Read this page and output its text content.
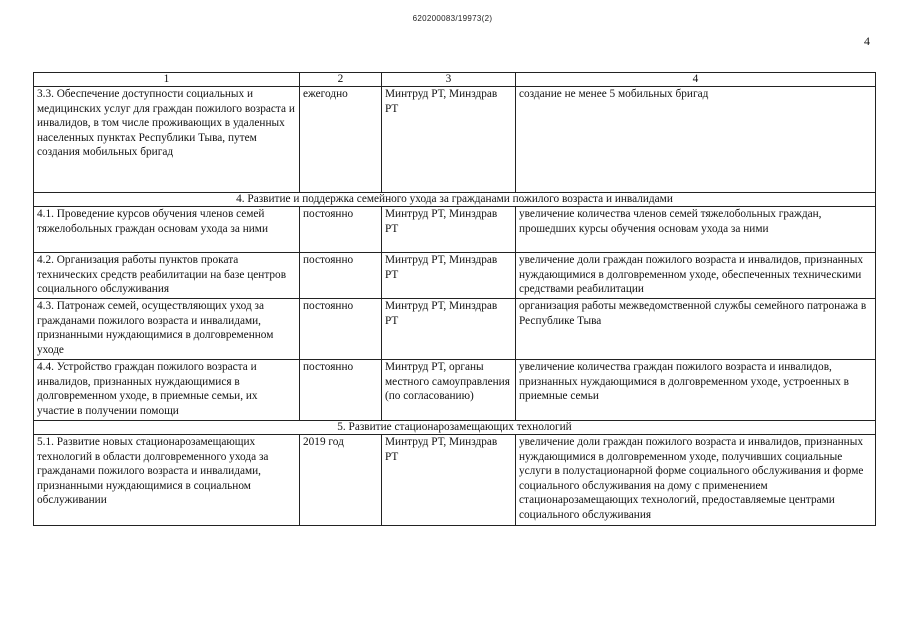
620200083/19973(2)
4
1	2	3	4
3.3. Обеспечение доступности социальных и медицинских услуг для граждан пожилого возраста и инвалидов, в том числе проживающих в удаленных населенных пунктах Республики Тыва, путем создания мобильных бригад	ежегодно	Минтруд РТ, Минздрав РТ	создание не менее 5 мобильных бригад
4. Развитие и поддержка семейного ухода за гражданами пожилого возраста и инвалидами			
4.1. Проведение курсов обучения членов семей тяжелобольных граждан основам ухода за ними	постоянно	Минтруд РТ, Минздрав РТ	увеличение количества членов семей тяжелобольных граждан, прошедших курсы обучения основам ухода за ними
4.2. Организация работы пунктов проката технических средств реабилитации на базе центров социального обслуживания	постоянно	Минтруд РТ, Минздрав РТ	увеличение доли граждан пожилого возраста и инвалидов, признанных нуждающимися в долговременном уходе, обеспеченных техническими средствами реабилитации
4.3. Патронаж семей, осуществляющих уход за гражданами пожилого возраста и инвалидами, признанными нуждающимися в долговременном уходе	постоянно	Минтруд РТ, Минздрав РТ	организация работы межведомственной службы семейного патронажа в Республике Тыва
4.4. Устройство граждан пожилого возраста и инвалидов, признанных нуждающимися в долговременном уходе, в приемные семьи, их участие в получении помощи	постоянно	Минтруд РТ, органы местного самоуправления (по согласованию)	увеличение количества граждан пожилого возраста и инвалидов, признанных нуждающимися в долговременном уходе, устроенных в приемные семьи
5. Развитие стационарозамещающих технологий			
5.1. Развитие новых стационарозамещающих технологий в области долговременного ухода за гражданами пожилого возраста и инвалидами, признанными нуждающимися в социальном обслуживании	2019 год	Минтруд РТ, Минздрав РТ	увеличение доли граждан пожилого возраста и инвалидов, признанных нуждающимися в долговременном уходе, получивших социальные услуги в полустационарной форме социального обслуживания и форме социального обслуживания на дому с применением стационарозамещающих технологий, предоставляемые центрами социального обслуживания
